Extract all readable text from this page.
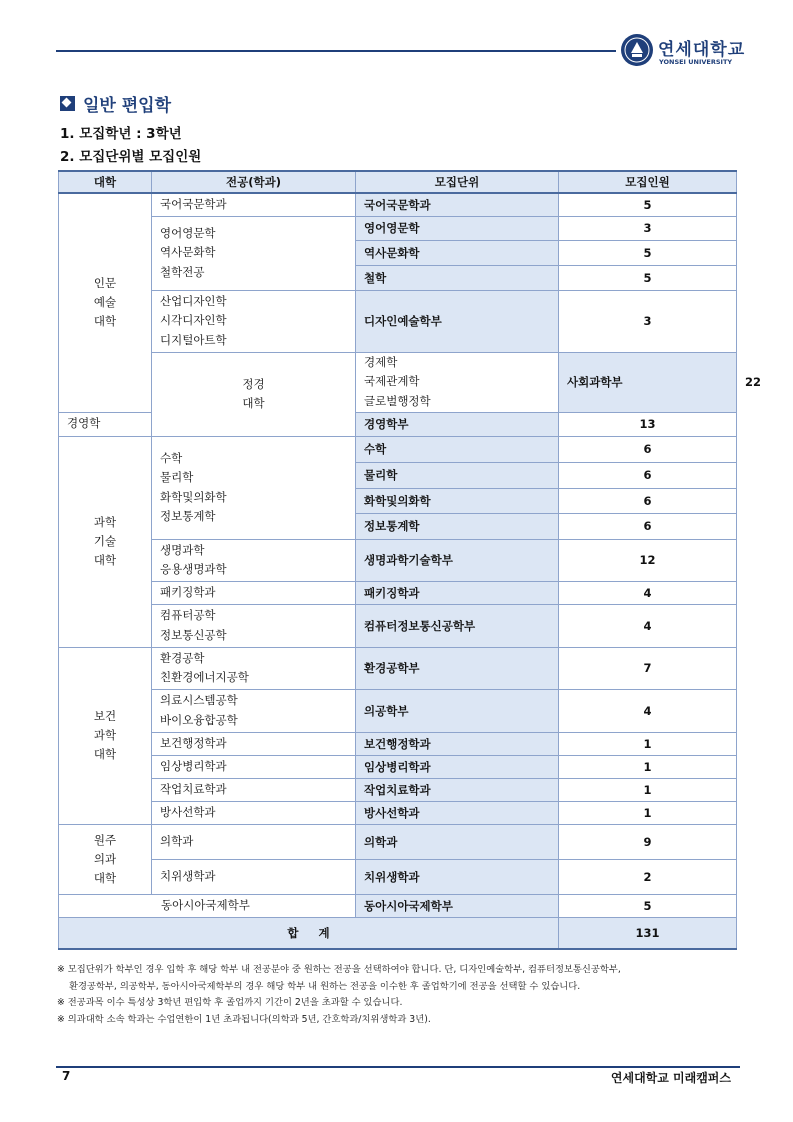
연세대학교
YONSEI UNIVERSITY
일반 편입학
1. 모집학년 : 3학년
2. 모집단위별 모집인원
대학	전공(학과)	모집단위	모집인원	

인문
예술
대학	국어국문학과	국어국문학과	5	

	영어영문학
역사문화학
철학전공	영어영문학	3	
		역사문화학	5	
		철학	5	

	산업디자인학
시각디자인학
디지털아트학	디자인예술학부	3	

	정경
대학	경제학
국제관계학
글로벌행정학	사회과학부	22
경영학		경영학부	13	

과학
기술
대학	수학
물리학
화학및의화학
정보통계학	수학	6	
		물리학	6	
		화학및의화학	6	
		정보통계학	6	

	생명과학
응용생명과학	생명과학기술학부	12	
	패키징학과	패키징학과	4	

	컴퓨터공학
정보통신공학	컴퓨터정보통신공학부	4	

보건
과학
대학	환경공학
친환경에너지공학	환경공학부	7	

	의료시스템공학
바이오융합공학	의공학부	4	
	보건행정학과	보건행정학과	1	
	임상병리학과	임상병리학과	1	
	작업치료학과	작업치료학과	1	
	방사선학과	방사선학과	1	

원주
의과
대학	의학과	의학과	9	
	치위생학과	치위생학과	2	
동아시아국제학부		동아시아국제학부	5	
합     계			131	
※ 모집단위가 학부인 경우 입학 후 해당 학부 내 전공분야 중 원하는 전공을 선택하여야 합니다. 단, 디자인예술학부, 컴퓨터정보통신공학부,
환경공학부, 의공학부, 동아시아국제학부의 경우 해당 학부 내 원하는 전공을 이수한 후 졸업학기에 전공을 선택할 수 있습니다.
※ 전공과목 이수 특성상 3학년 편입학 후 졸업까지 기간이 2년을 초과할 수 있습니다.
※ 의과대학 소속 학과는 수업연한이 1년 초과됩니다(의학과 5년, 간호학과/치위생학과 3년).
7	연세대학교 미래캠퍼스
